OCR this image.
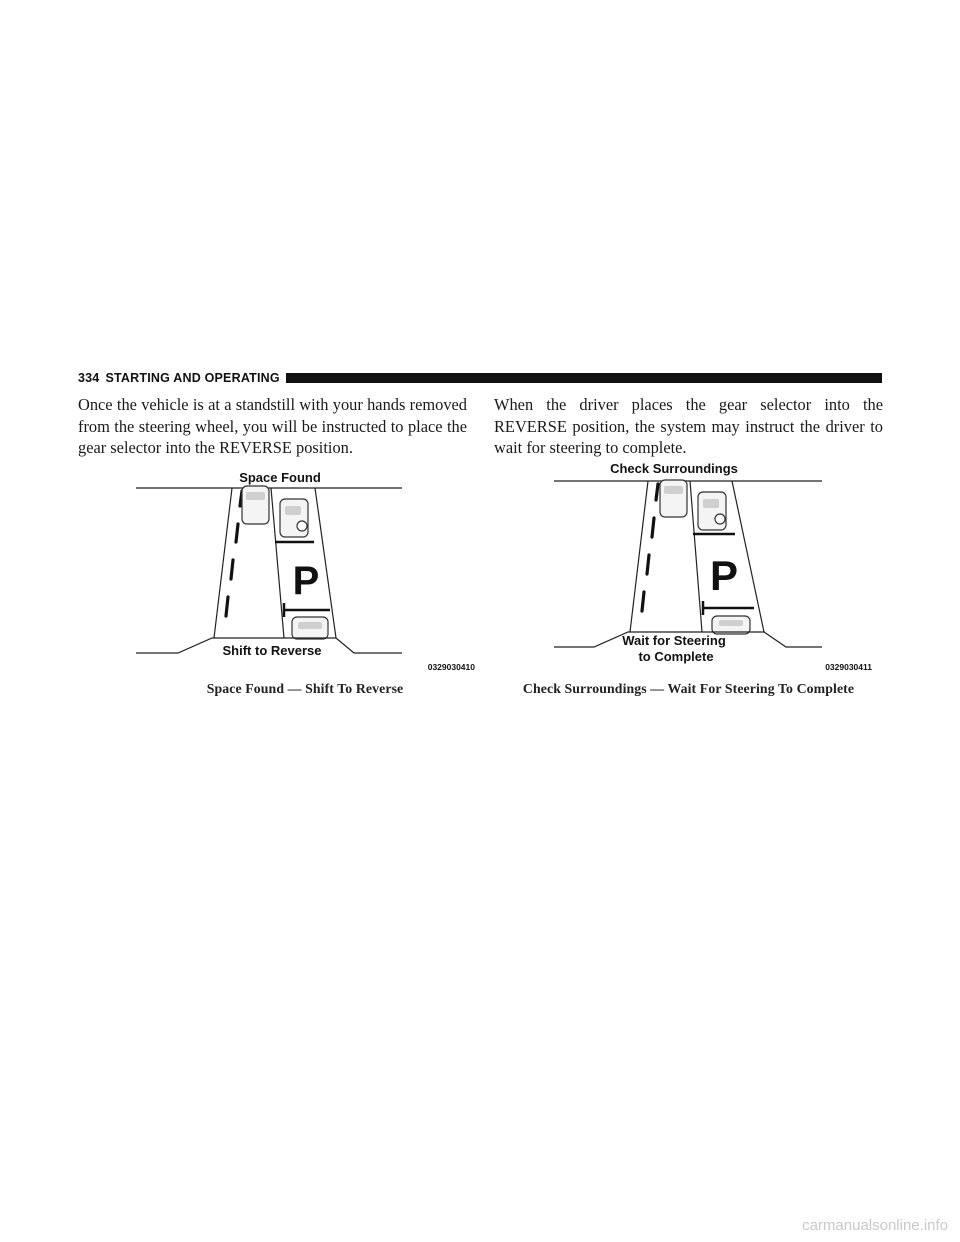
334 STARTING AND OPERATING

Once the vehicle is at a standstill with your hands removed from the steering wheel, you will be instructed to place the gear selector into the REVERSE position.

When the driver places the gear selector into the REVERSE position, the system may instruct the driver to wait for steering to complete.

Space Found
P
Shift to Reverse
0329030410
Space Found — Shift To Reverse
Check Surroundings
P
Wait for Steering
to Complete
0329030411
Check Surroundings — Wait For Steering To Complete
carmanualsonline.info
